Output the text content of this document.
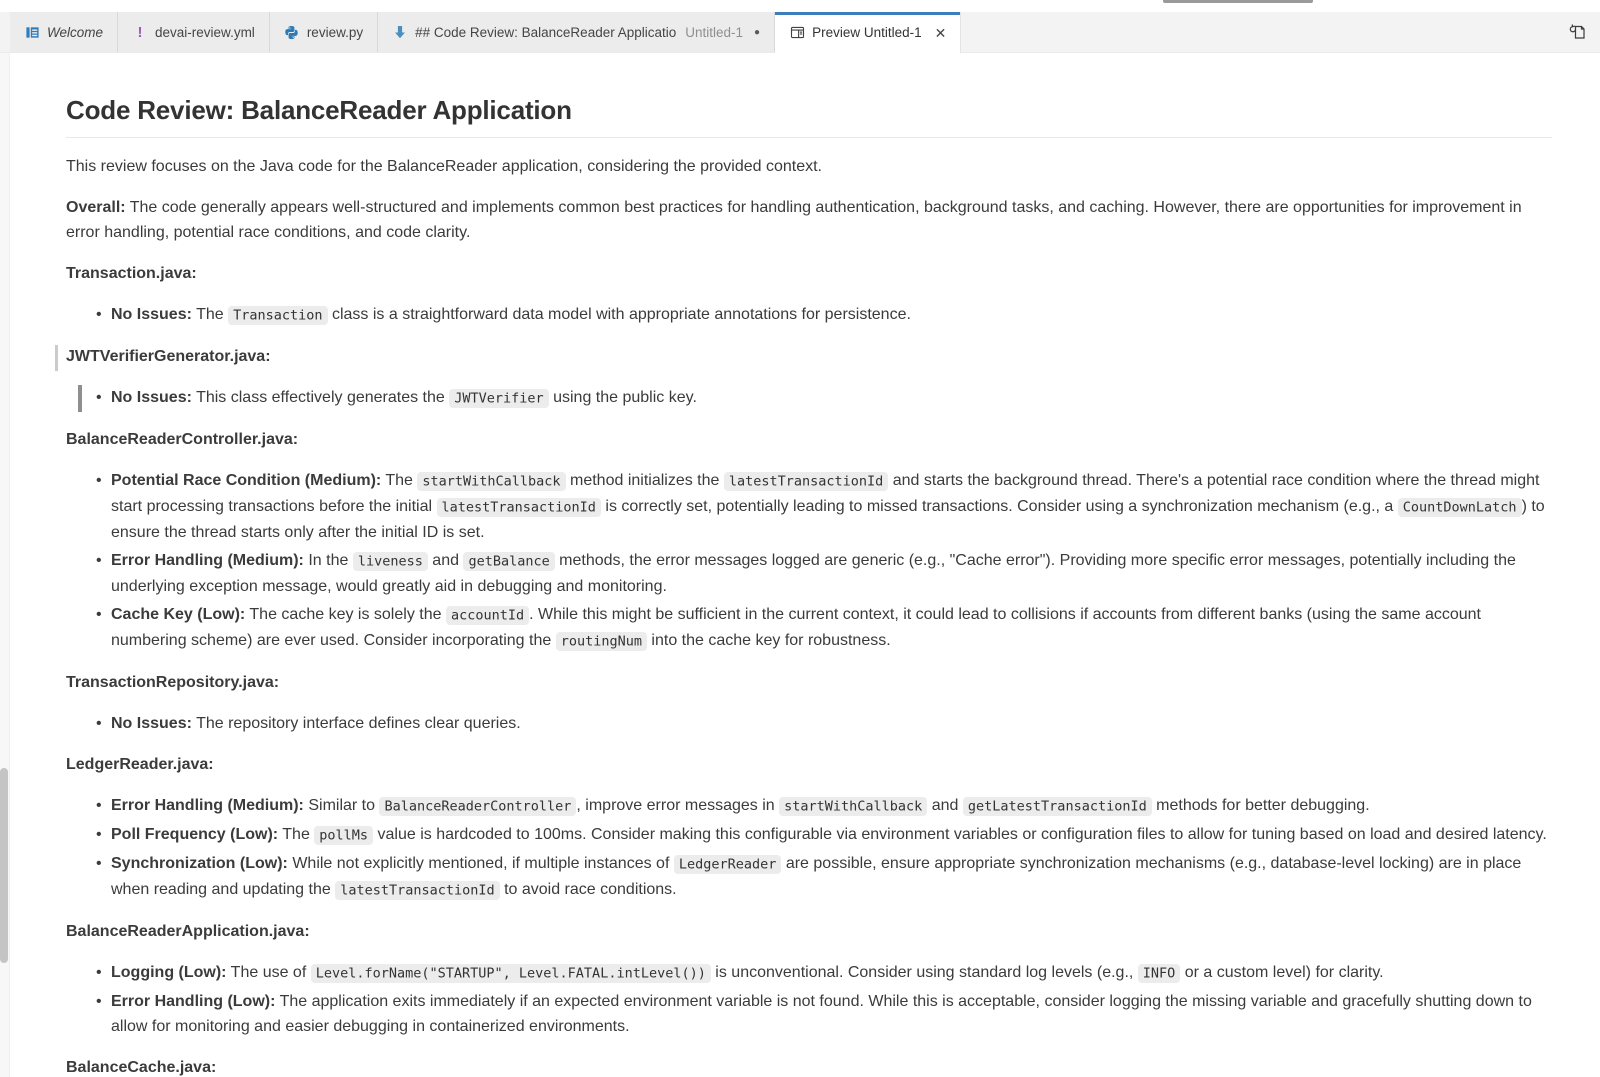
Welcome ! devai-review.yml	review.py	## Code Review: BalanceReader Applicatio Untitled-1 ●	Preview Untitled-1 ✕
Code Review: BalanceReader Application

This review focuses on the Java code for the BalanceReader application, considering the provided context.

Overall: The code generally appears well-structured and implements common best practices for handling authentication, background tasks, and caching. However, there are opportunities for improvement in error handling, potential race conditions, and code clarity.

Transaction.java:

• No Issues: The Transaction class is a straightforward data model with appropriate annotations for persistence.

JWTVerifierGenerator.java:

• No Issues: This class effectively generates the JWTVerifier using the public key.

BalanceReaderController.java:

• Potential Race Condition (Medium): The startWithCallback method initializes the latestTransactionId and starts the background thread. There's a potential race condition where the thread might start processing transactions before the initial latestTransactionId is correctly set, potentially leading to missed transactions. Consider using a synchronization mechanism (e.g., a CountDownLatch ) to ensure the thread starts only after the initial ID is set.
• Error Handling (Medium): In the liveness and getBalance methods, the error messages logged are generic (e.g., "Cache error"). Providing more specific error messages, potentially including the underlying exception message, would greatly aid in debugging and monitoring.
• Cache Key (Low): The cache key is solely the accountId . While this might be sufficient in the current context, it could lead to collisions if accounts from different banks (using the same account numbering scheme) are ever used. Consider incorporating the routingNum into the cache key for robustness.

TransactionRepository.java:

• No Issues: The repository interface defines clear queries.

LedgerReader.java:

• Error Handling (Medium): Similar to BalanceReaderController , improve error messages in startWithCallback and getLatestTransactionId methods for better debugging.
• Poll Frequency (Low): The pollMs value is hardcoded to 100ms. Consider making this configurable via environment variables or configuration files to allow for tuning based on load and desired latency.
• Synchronization (Low): While not explicitly mentioned, if multiple instances of LedgerReader are possible, ensure appropriate synchronization mechanisms (e.g., database-level locking) are in place when reading and updating the latestTransactionId to avoid race conditions.

BalanceReaderApplication.java:

• Logging (Low): The use of Level.forName("STARTUP", Level.FATAL.intLevel()) is unconventional. Consider using standard log levels (e.g., INFO or a custom level) for clarity.
• Error Handling (Low): The application exits immediately if an expected environment variable is not found. While this is acceptable, consider logging the missing variable and gracefully shutting down to allow for monitoring and easier debugging in containerized environments.

BalanceCache.java:
